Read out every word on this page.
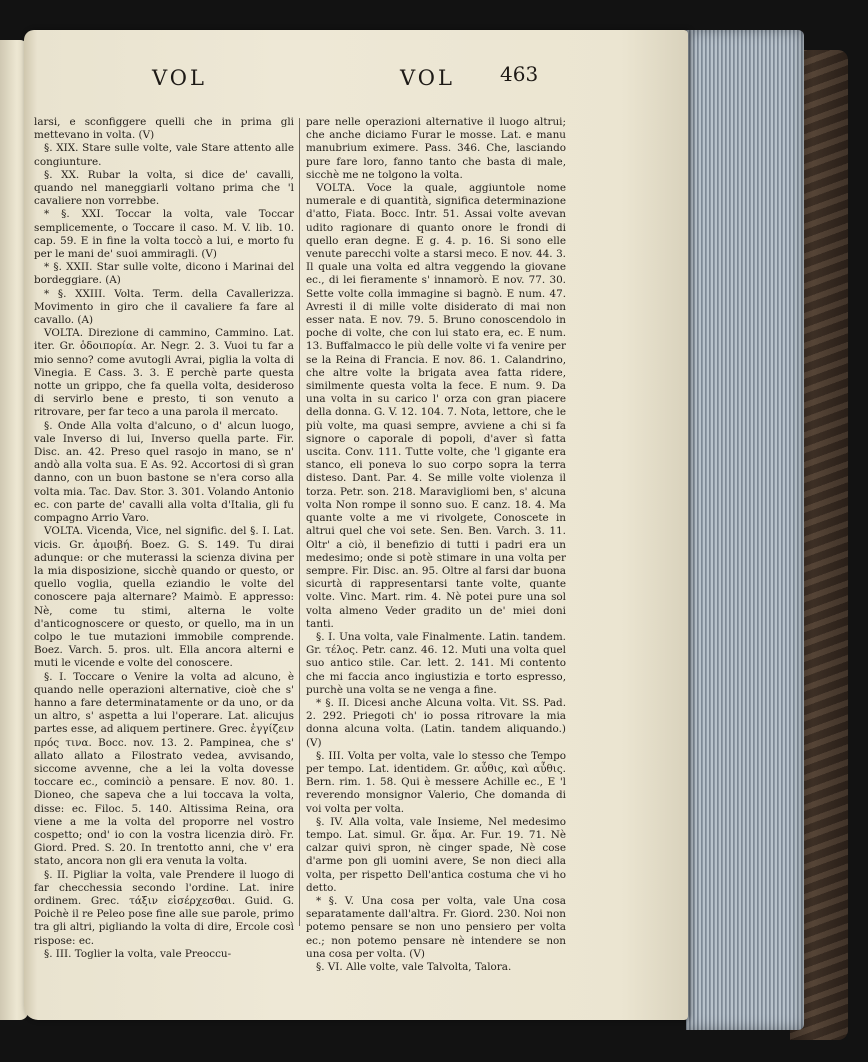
VOL	VOL 463

larsi, e sconfiggere quelli che in prima gli mettevano in volta. (V)

§. XIX. Stare sulle volte, vale Stare attento alle congiunture.

§. XX. Rubar la volta, si dice de' cavalli, quando nel maneggiarli voltano prima che 'l cavaliere non vorrebbe.

* §. XXI. Toccar la volta, vale Toccar semplicemente, o Toccare il caso. M. V. lib. 10. cap. 59. E in fine la volta toccò a lui, e morto fu per le mani de' suoi ammiragli. (V)

* §. XXII. Star sulle volte, dicono i Marinai del bordeggiare. (A)

* §. XXIII. Volta. Term. della Cavallerizza. Movimento in giro che il cavaliere fa fare al cavallo. (A)

VOLTA. Direzione di cammino, Cammino. Lat. iter. Gr. ὁδοιπορία. Ar. Negr. 2. 3. Vuoi tu far a mio senno? come avutogli Avrai, piglia la volta di Vinegia. E Cass. 3. 3. E perchè parte questa notte un grippo, che fa quella volta, desideroso di servirlo bene e presto, ti son venuto a ritrovare, per far teco a una parola il mercato.

§. Onde Alla volta d'alcuno, o d' alcun luogo, vale Inverso di lui, Inverso quella parte. Fir. Disc. an. 42. Preso quel rasojo in mano, se n' andò alla volta sua. E As. 92. Accortosi di sì gran danno, con un buon bastone se n'era corso alla volta mia. Tac. Dav. Stor. 3. 301. Volando Antonio ec. con parte de' cavalli alla volta d'Italia, gli fu compagno Arrio Varo.

VOLTA. Vicenda, Vice, nel signific. del §. I. Lat. vicis. Gr. ἀμοιβή. Boez. G. S. 149. Tu dirai adunque: or che muterassi la scienza divina per la mia disposizione, sicchè quando or questo, or quello voglia, quella eziandio le volte del conoscere paja alternare? Maimò. E appresso: Nè, come tu stimi, alterna le volte d'anticognoscere or questo, or quello, ma in un colpo le tue mutazioni immobile comprende. Boez. Varch. 5. pros. ult. Ella ancora alterni e muti le vicende e volte del conoscere.

§. I. Toccare o Venire la volta ad alcuno, è quando nelle operazioni alternative, cioè che s' hanno a fare determinatamente or da uno, or da un altro, s' aspetta a lui l'operare. Lat. alicujus partes esse, ad aliquem pertinere. Grec. ἐγγίζειν πρός τινα. Bocc. nov. 13. 2. Pampinea, che s' allato allato a Filostrato vedea, avvisando, siccome avvenne, che a lei la volta dovesse toccare ec., cominciò a pensare. E nov. 80. 1. Dioneo, che sapeva che a lui toccava la volta, disse: ec. Filoc. 5. 140. Altissima Reina, ora viene a me la volta del proporre nel vostro cospetto; ond' io con la vostra licenzia dirò. Fr. Giord. Pred. S. 20. In trentotto anni, che v' era stato, ancora non gli era venuta la volta.

§. II. Pigliar la volta, vale Prendere il luogo di far checchessia secondo l'ordine. Lat. inire ordinem. Grec. τάξιν εἰσέρχεσθαι. Guid. G. Poichè il re Peleo pose fine alle sue parole, primo tra gli altri, pigliando la volta di dire, Ercole così rispose: ec.

§. III. Toglier la volta, vale Preoccu-

pare nelle operazioni alternative il luogo altrui; che anche diciamo Furar le mosse. Lat. e manu manubrium eximere. Pass. 346. Che, lasciando pure fare loro, fanno tanto che basta di male, sicchè me ne tolgono la volta.

VOLTA. Voce la quale, aggiuntole nome numerale e di quantità, significa determinazione d'atto, Fiata. Bocc. Intr. 51. Assai volte avevan udito ragionare di quanto onore le frondi di quello eran degne. E g. 4. p. 16. Si sono elle venute parecchi volte a starsi meco. E nov. 44. 3. Il quale una volta ed altra veggendo la giovane ec., di lei fieramente s' innamorò. E nov. 77. 30. Sette volte colla immagine si bagnò. E num. 47. Avresti il di mille volte disiderato di mai non esser nata. E nov. 79. 5. Bruno conoscendolo in poche di volte, che con lui stato era, ec. E num. 13. Buffalmacco le più delle volte vi fa venire per se la Reina di Francia. E nov. 86. 1. Calandrino, che altre volte la brigata avea fatta ridere, similmente questa volta la fece. E num. 9. Da una volta in su carico l' orza con gran piacere della donna. G. V. 12. 104. 7. Nota, lettore, che le più volte, ma quasi sempre, avviene a chi si fa signore o caporale di popoli, d'aver sì fatta uscita. Conv. 111. Tutte volte, che 'l gigante era stanco, eli poneva lo suo corpo sopra la terra disteso. Dant. Par. 4. Se mille volte violenza il torza. Petr. son. 218. Maravigliomi ben, s' alcuna volta Non rompe il sonno suo. E canz. 18. 4. Ma quante volte a me vi rivolgete, Conoscete in altrui quel che voi sete. Sen. Ben. Varch. 3. 11. Oltr' a ciò, il benefizio di tutti i padri era un medesimo; onde si potè stimare in una volta per sempre. Fir. Disc. an. 95. Oltre al farsi dar buona sicurtà di rappresentarsi tante volte, quante volte. Vinc. Mart. rim. 4. Nè potei pure una sol volta almeno Veder gradito un de' miei doni tanti.

§. I. Una volta, vale Finalmente. Latin. tandem. Gr. τέλος. Petr. canz. 46. 12. Muti una volta quel suo antico stile. Car. lett. 2. 141. Mi contento che mi faccia anco ingiustizia e torto espresso, purchè una volta se ne venga a fine.

* §. II. Dicesi anche Alcuna volta. Vit. SS. Pad. 2. 292. Priegoti ch' io possa ritrovare la mia donna alcuna volta. (Latin. tandem aliquando.) (V)

§. III. Volta per volta, vale lo stesso che Tempo per tempo. Lat. identidem. Gr. αὖθις, καὶ αὖθις. Bern. rim. 1. 58. Qui è messere Achille ec., E 'l reverendo monsignor Valerio, Che domanda di voi volta per volta.

§. IV. Alla volta, vale Insieme, Nel medesimo tempo. Lat. simul. Gr. ἅμα. Ar. Fur. 19. 71. Nè calzar quivi spron, nè cinger spade, Nè cose d'arme pon gli uomini avere, Se non dieci alla volta, per rispetto Dell'antica costuma che vi ho detto.

* §. V. Una cosa per volta, vale Una cosa separatamente dall'altra. Fr. Giord. 230. Noi non potemo pensare se non uno pensiero per volta ec.; non potemo pensare nè intendere se non una cosa per volta. (V)

§. VI. Alle volte, vale Talvolta, Talora.
